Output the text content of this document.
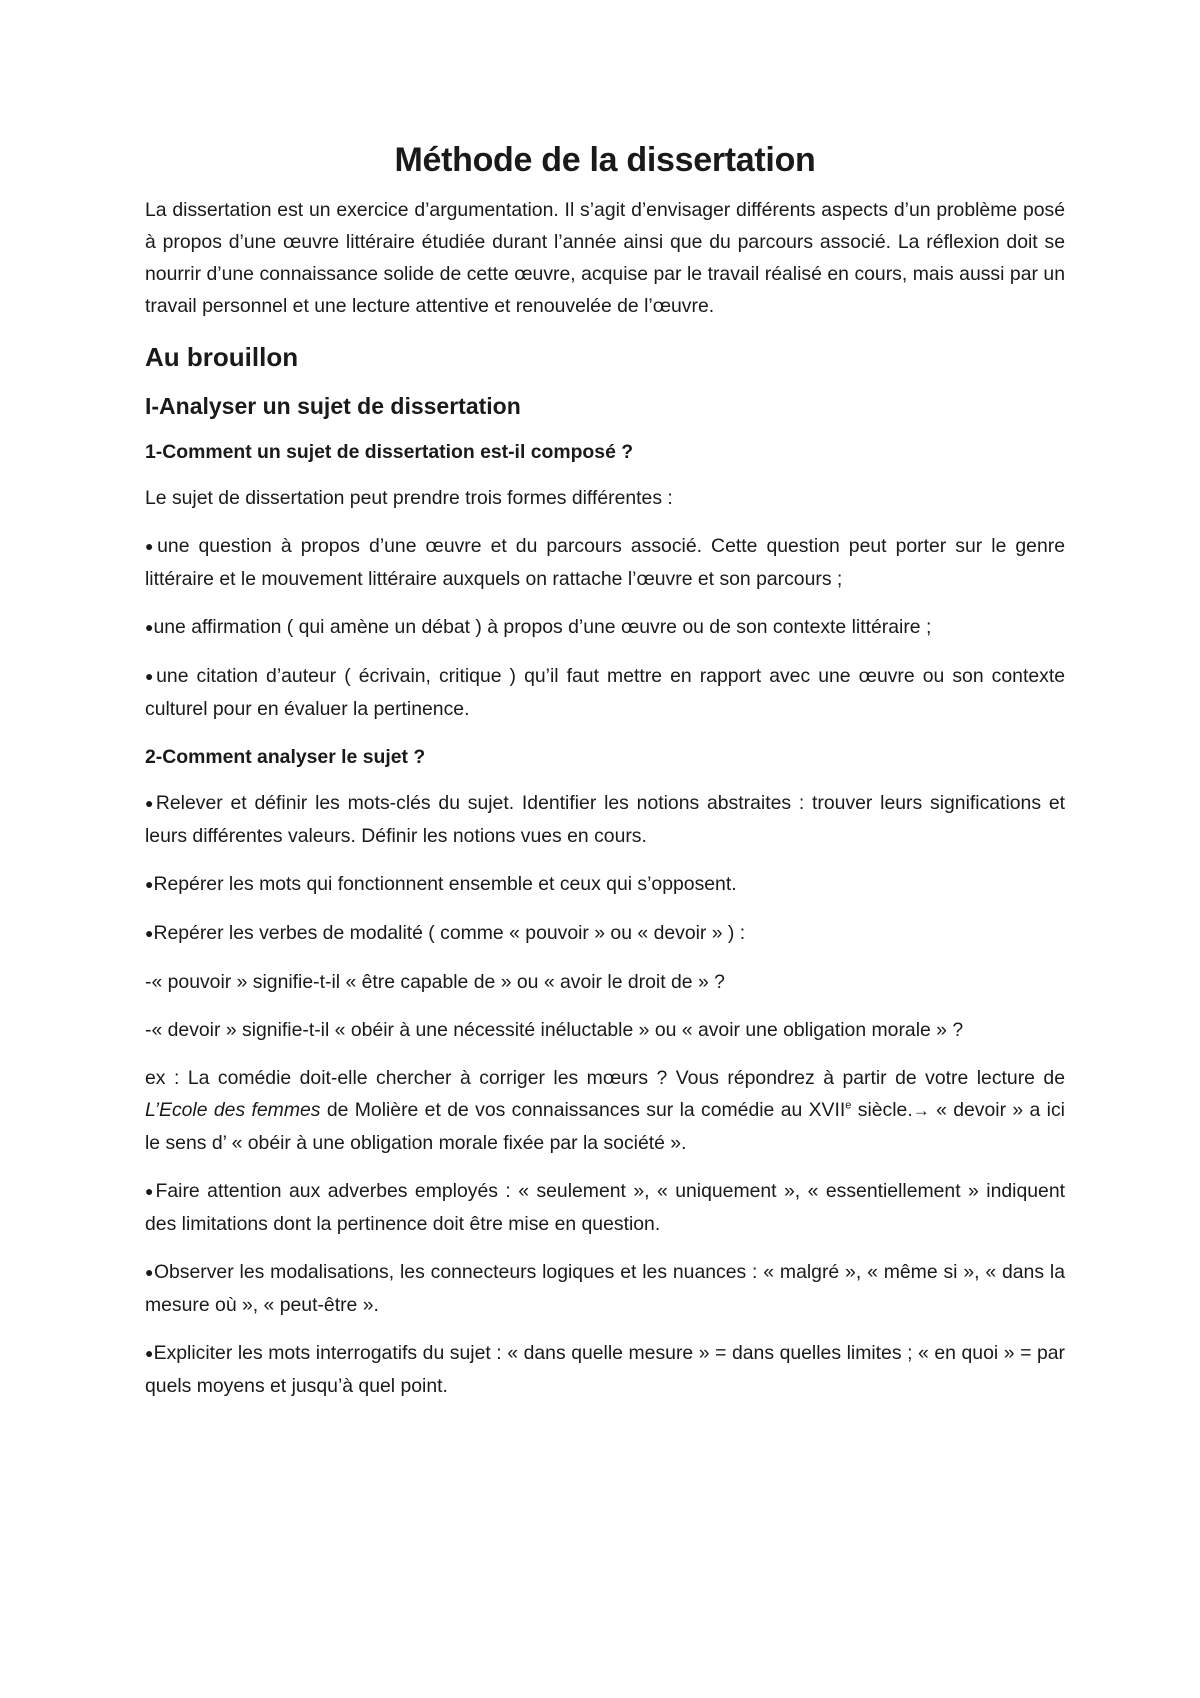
Méthode de la dissertation

La dissertation est un exercice d’argumentation. Il s’agit d’envisager différents aspects d’un problème posé à propos d’une œuvre littéraire étudiée durant l’année ainsi que du parcours associé. La réflexion doit se nourrir d’une connaissance solide de cette œuvre, acquise par le travail réalisé en cours, mais aussi par un travail personnel et une lecture attentive et renouvelée de l’œuvre.

Au brouillon
I-Analyser un sujet de dissertation

1-Comment un sujet de dissertation est-il composé ?

Le sujet de dissertation peut prendre trois formes différentes :

●une question à propos d’une œuvre et du parcours associé. Cette question peut porter sur le genre littéraire et le mouvement littéraire auxquels on rattache l’œuvre et son parcours ;

●une affirmation ( qui amène un débat ) à propos d’une œuvre ou de son contexte littéraire ;

●une citation d’auteur ( écrivain, critique ) qu’il faut mettre en rapport avec une œuvre ou son contexte culturel pour en évaluer la pertinence.

2-Comment analyser le sujet ?

●Relever et définir les mots-clés du sujet. Identifier les notions abstraites : trouver leurs significations et leurs différentes valeurs. Définir les notions vues en cours.

●Repérer les mots qui fonctionnent ensemble et ceux qui s’opposent.

●Repérer les verbes de modalité ( comme « pouvoir » ou « devoir » ) :

-« pouvoir » signifie-t-il « être capable de » ou « avoir le droit de » ?

-« devoir » signifie-t-il « obéir à une nécessité inéluctable » ou « avoir une obligation morale » ?

ex : La comédie doit-elle chercher à corriger les mœurs ? Vous répondrez à partir de votre lecture de L’Ecole des femmes de Molière et de vos connaissances sur la comédie au XVIIe siècle.→ « devoir » a ici le sens d’ « obéir à une obligation morale fixée par la société ».

●Faire attention aux adverbes employés : « seulement », « uniquement », « essentiellement » indiquent des limitations dont la pertinence doit être mise en question.

●Observer les modalisations, les connecteurs logiques et les nuances : « malgré », « même si », « dans la mesure où », « peut-être ».

●Expliciter les mots interrogatifs du sujet : « dans quelle mesure » = dans quelles limites ; « en quoi » = par quels moyens et jusqu’à quel point.
